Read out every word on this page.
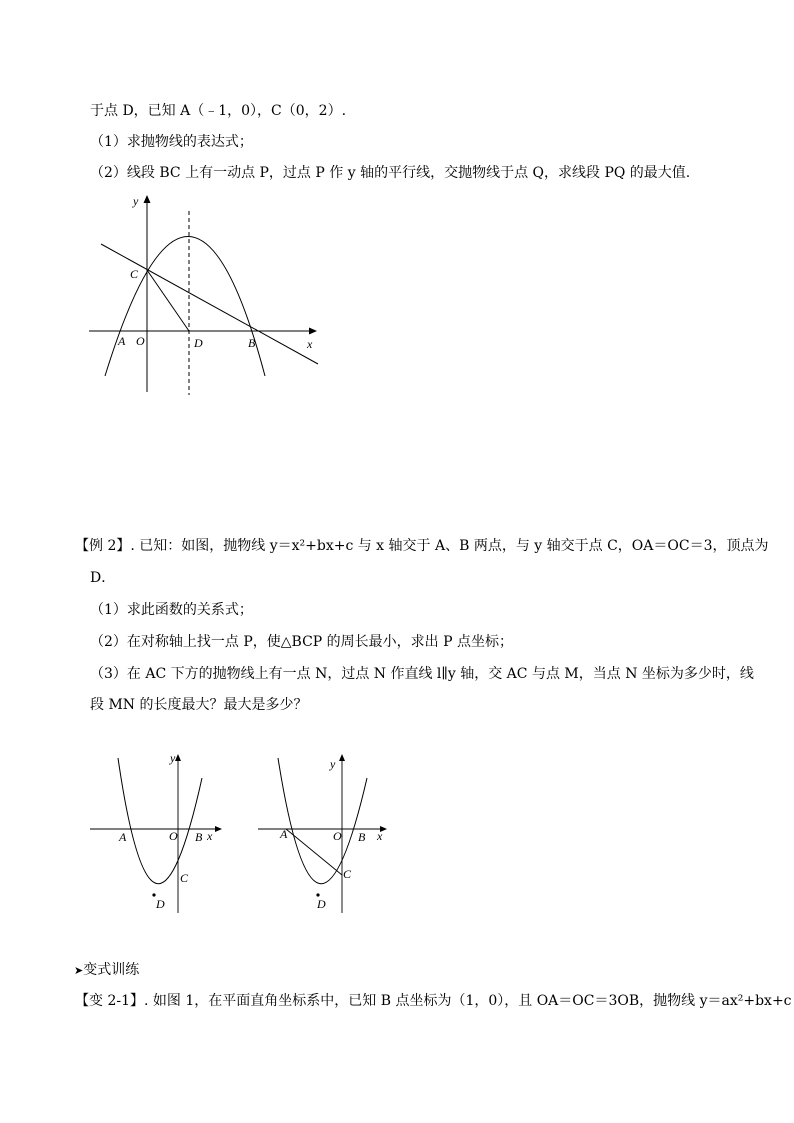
于点 D，已知 A（﹣1，0），C（0，2）.
（1）求抛物线的表达式；
（2）线段 BC 上有一动点 P，过点 P 作 y 轴的平行线，交抛物线于点 Q，求线段 PQ 的最大值.
y
x
C
A O	D	B
【例 2】. 已知：如图，抛物线 y＝x²+bx+c 与 x 轴交于 A、B 两点，与 y 轴交于点 C，OA＝OC＝3，顶点为
D．
（1）求此函数的关系式；
（2）在对称轴上找一点 P，使△BCP 的周长最小，求出 P 点坐标；
（3）在 AC 下方的抛物线上有一点 N，过点 N 作直线 l∥y 轴，交 AC 与点 M，当点 N 坐标为多少时，线
段 MN 的长度最大？最大是多少？
y
x
A	O B
C
D
y
x
A	O B
C
D
➤变式训练
【变 2-1】. 如图 1，在平面直角坐标系中，已知 B 点坐标为（1，0），且 OA＝OC＝3OB，抛物线 y＝ax²+bx+c
